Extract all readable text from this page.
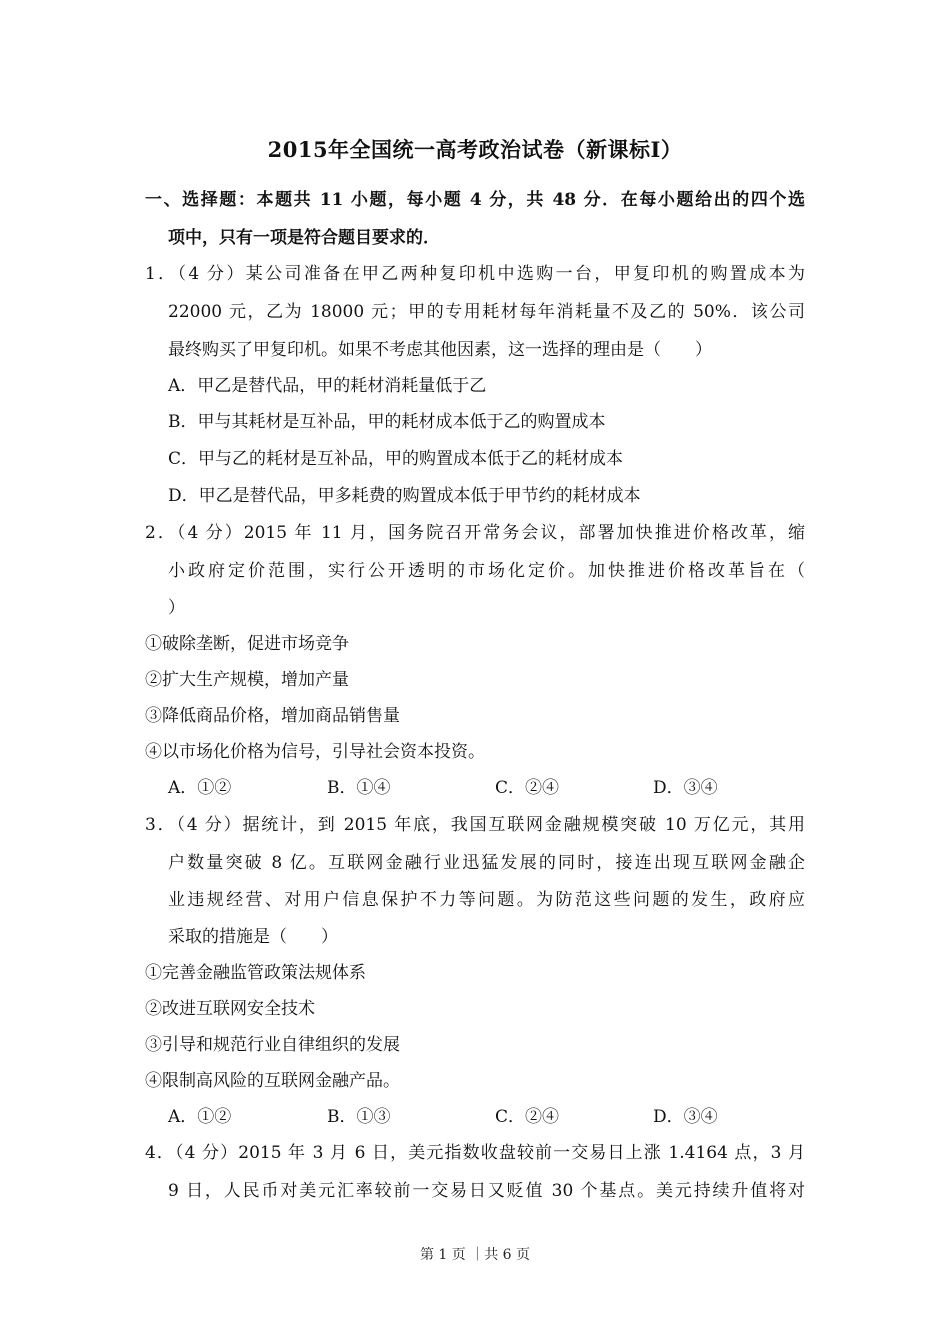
2015年全国统一高考政治试卷（新课标Ⅰ）
一、选择题：本题共 11 小题，每小题 4 分，共 48 分．在每小题给出的四个选
项中，只有一项是符合题目要求的．
1．（4 分）某公司准备在甲乙两种复印机中选购一台，甲复印机的购置成本为
22000 元，乙为 18000 元；甲的专用耗材每年消耗量不及乙的 50%．该公司
最终购买了甲复印机。如果不考虑其他因素，这一选择的理由是（　　）
A．甲乙是替代品，甲的耗材消耗量低于乙
B．甲与其耗材是互补品，甲的耗材成本低于乙的购置成本
C．甲与乙的耗材是互补品，甲的购置成本低于乙的耗材成本
D．甲乙是替代品，甲多耗费的购置成本低于甲节约的耗材成本
2．（4 分）2015 年 11 月，国务院召开常务会议，部署加快推进价格改革，缩
小政府定价范围，实行公开透明的市场化定价。加快推进价格改革旨在（
）
①破除垄断，促进市场竞争
②扩大生产规模，增加产量
③降低商品价格，增加商品销售量
④以市场化价格为信号，引导社会资本投资。
A．①②	B．①④	C．②④	D．③④
3．（4 分）据统计，到 2015 年底，我国互联网金融规模突破 10 万亿元，其用
户数量突破 8 亿。互联网金融行业迅猛发展的同时，接连出现互联网金融企
业违规经营、对用户信息保护不力等问题。为防范这些问题的发生，政府应
采取的措施是（　　）
①完善金融监管政策法规体系
②改进互联网安全技术
③引导和规范行业自律组织的发展
④限制高风险的互联网金融产品。
A．①②	B．①③	C．②④	D．③④
4．（4 分）2015 年 3 月 6 日，美元指数收盘较前一交易日上涨 1.4164 点，3 月
9 日，人民币对美元汇率较前一交易日又贬值 30 个基点。美元持续升值将对
第 1 页 ｜共 6 页
